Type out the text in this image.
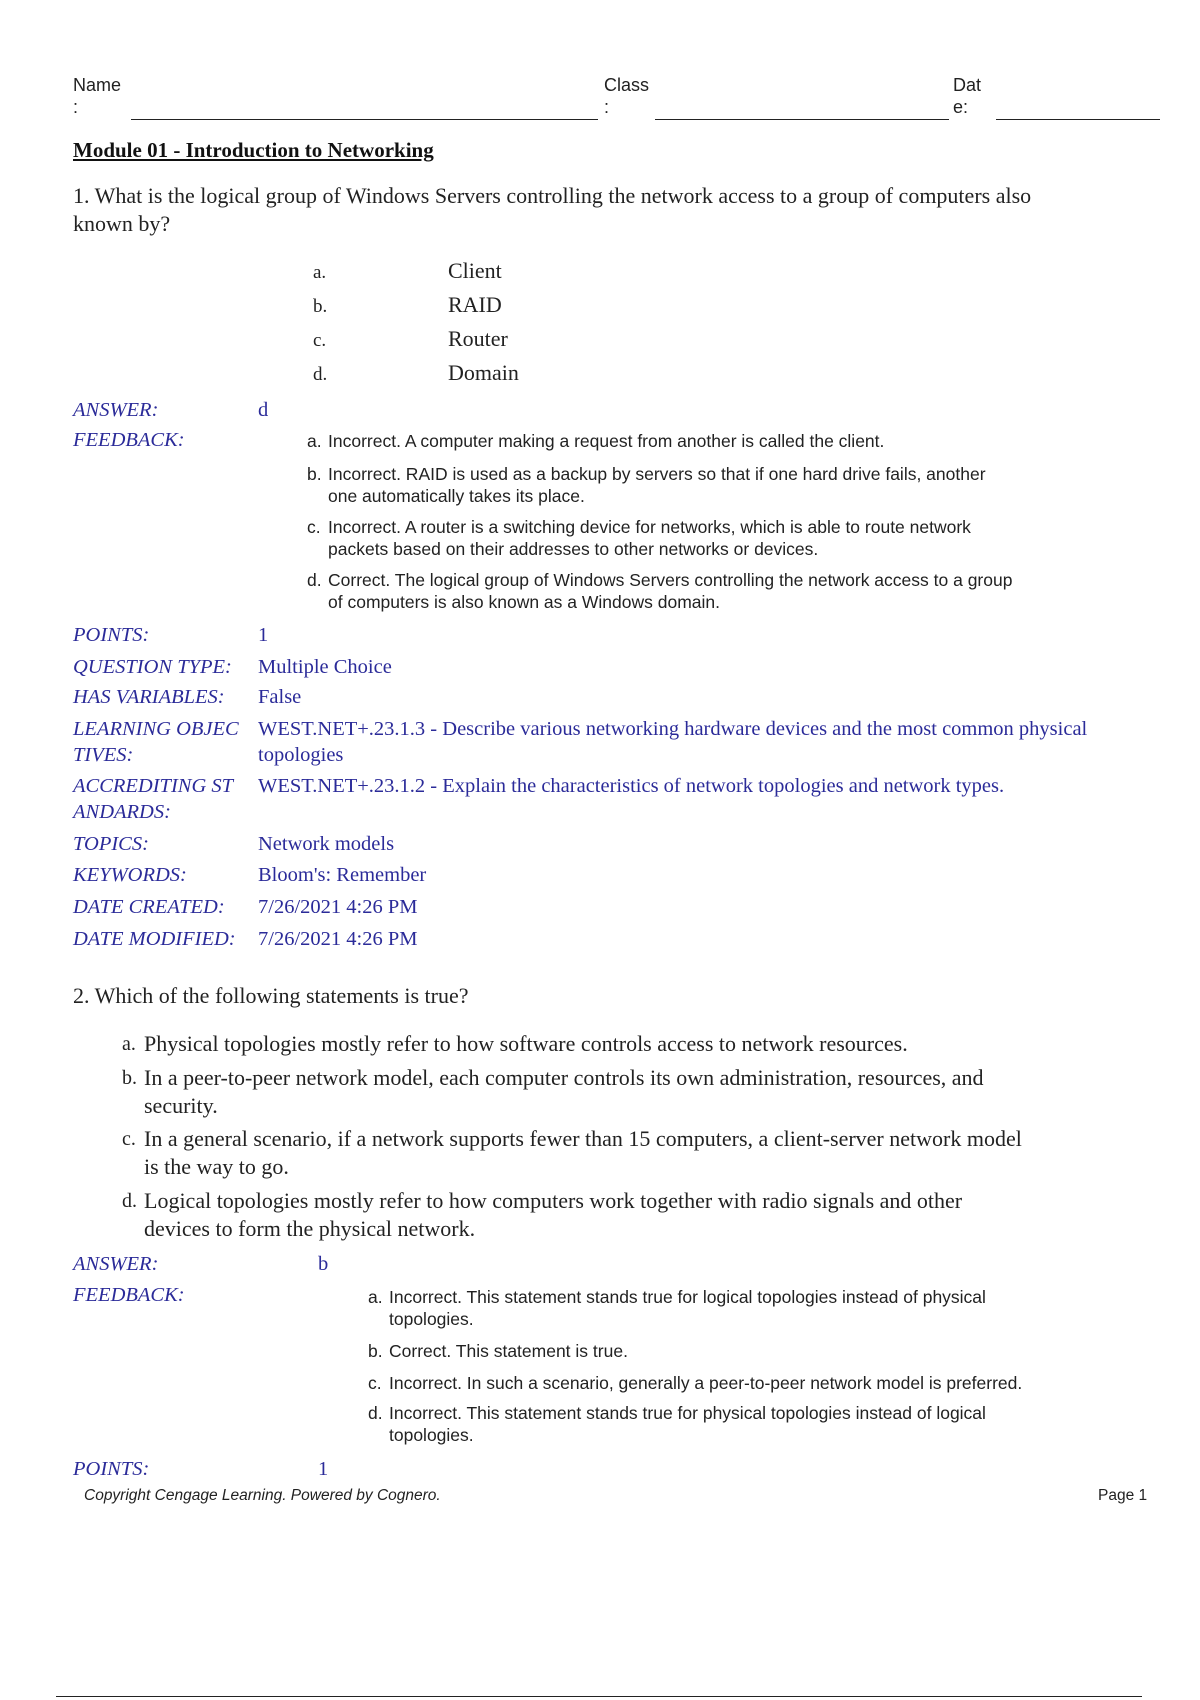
Name
:
Class
:
Dat
e:
Module 01 - Introduction to Networking
1. What is the logical group of Windows Servers controlling the network access to a group of computers also
known by?
a.	Client
b.	RAID
c.	Router
d.	Domain
ANSWER:	d
FEEDBACK:	a. Incorrect. A computer making a request from another is called the client.
b. Incorrect. RAID is used as a backup by servers so that if one hard drive fails, another
one automatically takes its place.
c. Incorrect. A router is a switching device for networks, which is able to route network
packets based on their addresses to other networks or devices.
d. Correct. The logical group of Windows Servers controlling the network access to a group
of computers is also known as a Windows domain.
POINTS:	1
QUESTION TYPE: Multiple Choice
HAS VARIABLES: False
LEARNING OBJEC
TIVES:
WEST.NET+.23.1.3 - Describe various networking hardware devices and the most common physical
topologies
ACCREDITING ST
ANDARDS:
WEST.NET+.23.1.2 - Explain the characteristics of network topologies and network types.
TOPICS:	Network models
KEYWORDS:	Bloom's: Remember
DATE CREATED: 7/26/2021 4:26 PM
DATE MODIFIED: 7/26/2021 4:26 PM
2. Which of the following statements is true?
a. Physical topologies mostly refer to how software controls access to network resources.
b. In a peer-to-peer network model, each computer controls its own administration, resources, and
security.
c. In a general scenario, if a network supports fewer than 15 computers, a client-server network model
is the way to go.
d. Logical topologies mostly refer to how computers work together with radio signals and other
devices to form the physical network.
ANSWER:	b
FEEDBACK:	a. Incorrect. This statement stands true for logical topologies instead of physical
topologies.
b. Correct. This statement is true.
c. Incorrect. In such a scenario, generally a peer-to-peer network model is preferred.
d. Incorrect. This statement stands true for physical topologies instead of logical
topologies.
POINTS:	1
Copyright Cengage Learning. Powered by Cognero.	Page 1
